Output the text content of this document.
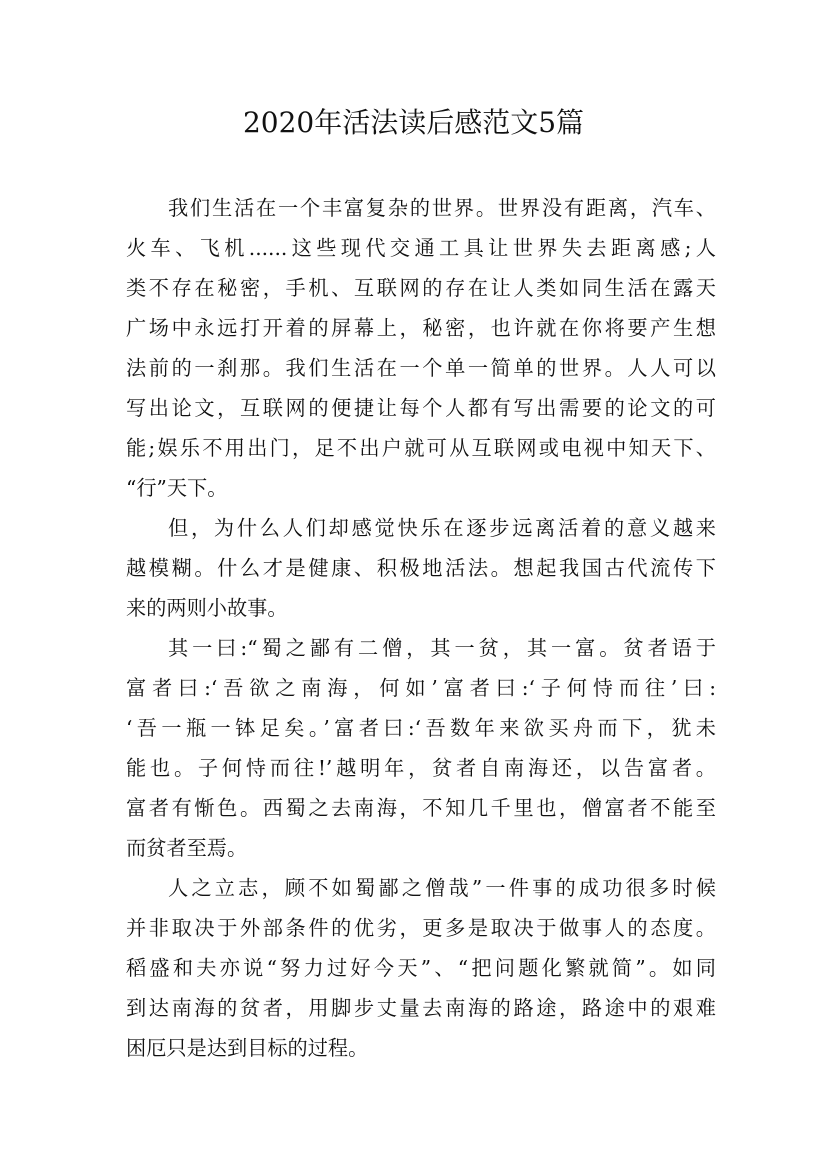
2020年活法读后感范文5篇

我们生活在一个丰富复杂的世界。世界没有距离，汽车、
火车、飞机......这些现代交通工具让世界失去距离感;人
类不存在秘密，手机、互联网的存在让人类如同生活在露天
广场中永远打开着的屏幕上，秘密，也许就在你将要产生想
法前的一刹那。我们生活在一个单一简单的世界。人人可以
写出论文，互联网的便捷让每个人都有写出需要的论文的可
能;娱乐不用出门，足不出户就可从互联网或电视中知天下、
“行”天下。

但，为什么人们却感觉快乐在逐步远离活着的意义越来
越模糊。什么才是健康、积极地活法。想起我国古代流传下
来的两则小故事。

其一曰:“蜀之鄙有二僧，其一贫，其一富。贫者语于
富者曰:‘吾欲之南海，何如’富者曰:‘子何恃而往’曰:
‘吾一瓶一钵足矣。’富者曰:‘吾数年来欲买舟而下，犹未
能也。子何恃而往!’越明年，贫者自南海还，以告富者。
富者有惭色。西蜀之去南海，不知几千里也，僧富者不能至
而贫者至焉。

人之立志，顾不如蜀鄙之僧哉”一件事的成功很多时候
并非取决于外部条件的优劣，更多是取决于做事人的态度。
稻盛和夫亦说“努力过好今天”、“把问题化繁就简”。如同
到达南海的贫者，用脚步丈量去南海的路途，路途中的艰难
困厄只是达到目标的过程。
